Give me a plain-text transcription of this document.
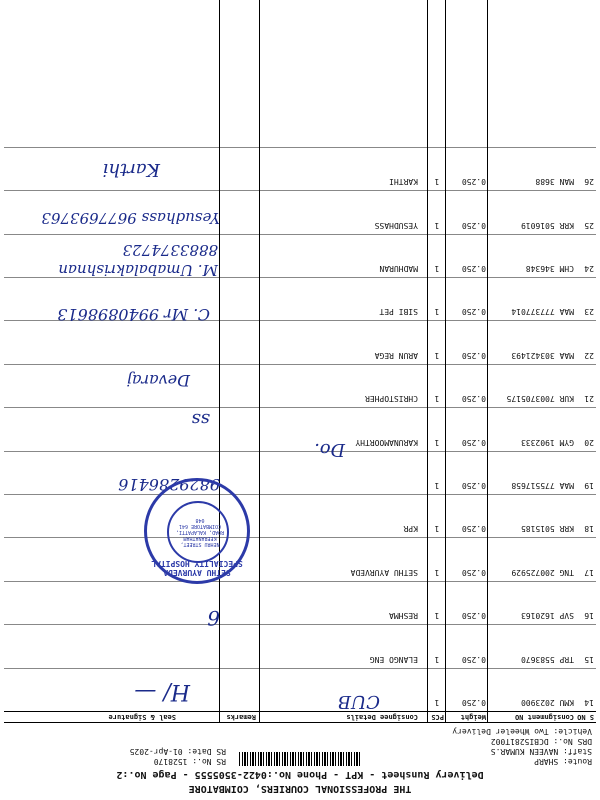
THE PROFESSIONAL COURIERS, COIMBATORE
Delivery Runsheet - KPT - Phone No.:0422-3505555 - Page No.:2
RS No.: 1528170
RS Date: 01-Apr-2025
Route: SHARP
Staff: NAVEEN KUMAR.S
DRS No.: DCBI5281T002
Vehicle: Two Wheeler Delivery
S NO
Consignment NO
Weight
PCS
Consignee Details
Remarks
Seal & Signature
14
KMU 2023900
0.250
1
15
TRP 5583670
0.250
1
ELANGO ENG
16
SVP 1620163
0.250
1
RESHMA
17
TNG 200725929
0.250
1
SETHU AYURVEDA
18
KRR 5015185
0.250
1
KPR
19
MAA 775517658
0.250
1
20
GYM 1902333
0.250
1
KARUNAMOORTHY
21
KUR 7003705175
0.250
1
CHRISTOPHER
22
MAA 303421493
0.250
1
ARUN REGA
23
MAA 777377014
0.250
1
SIBI PET
24
CHM 346348
0.250
1
MADHURAN
25
KRR 5016019
0.250
1
YESUDHASS
26
MAN 3688
0.250
1
KARTHI
H/ —	CUB
6
9829286416
Do.
ss
Devaraj
C. Mr 9940898613
M. Umabalakrishnan 8883374723
Yesudhass 9677693763
Karthi
SETHU AYURVEDA SPECIALITY HOSPITAL
NEHRU STREET, KEERANATHAM ROAD, KALAPATTI, COIMBATORE 641 048
